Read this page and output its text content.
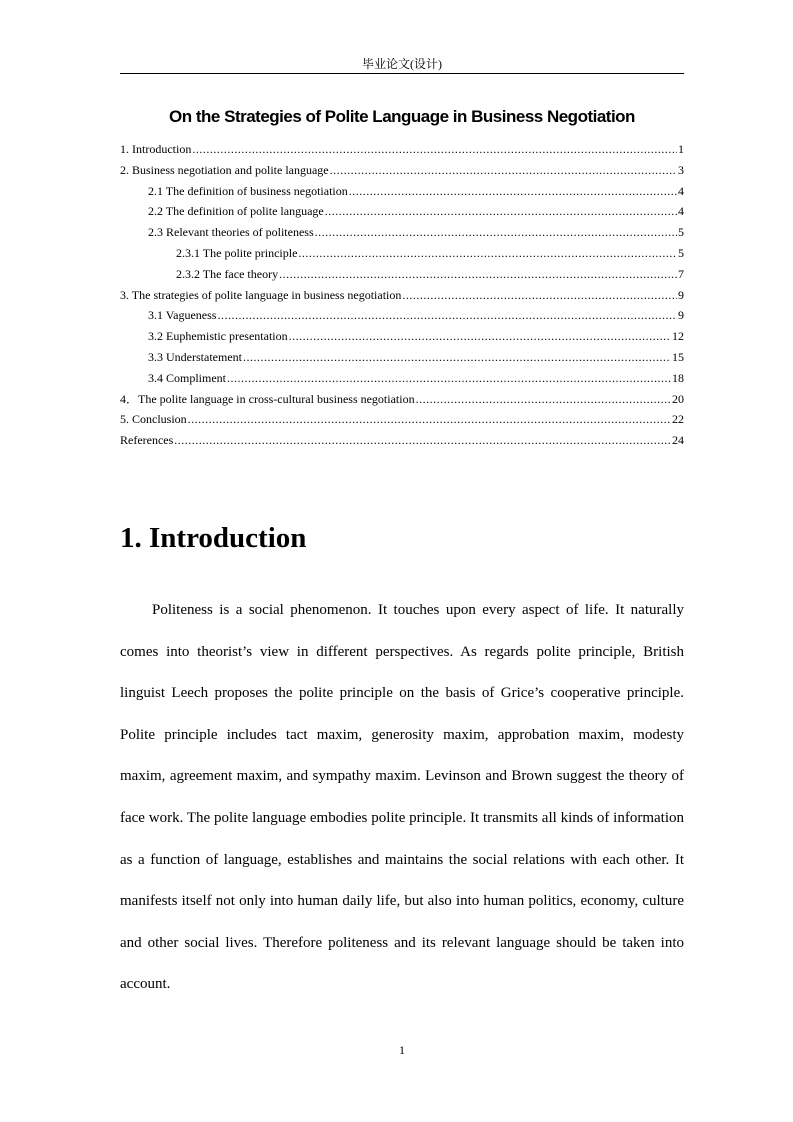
毕业论文(设计)
On the Strategies of Polite Language in Business Negotiation
1. Introduction .....	1
2. Business negotiation and polite language .....	3
2.1 The definition of business negotiation .....	4
2.2 The definition of polite language .....	4
2.3 Relevant theories of politeness .....	5
2.3.1 The polite principle .....	5
2.3.2 The face theory .....	7
3. The strategies of polite language in business negotiation .....	9
3.1 Vagueness .....	9
3.2 Euphemistic presentation .....	12
3.3 Understatement .....	15
3.4 Compliment .....	18
4．The polite language in cross-cultural business negotiation .....	20
5. Conclusion .....	22
References .....	24
1. Introduction

Politeness is a social phenomenon. It touches upon every aspect of life. It naturally comes into theorist’s view in different perspectives. As regards polite principle, British linguist Leech proposes the polite principle on the basis of Grice’s cooperative principle. Polite principle includes tact maxim, generosity maxim, approbation maxim, modesty maxim, agreement maxim, and sympathy maxim. Levinson and Brown suggest the theory of face work. The polite language embodies polite principle. It transmits all kinds of information as a function of language, establishes and maintains the social relations with each other. It manifests itself not only into human daily life, but also into human politics, economy, culture and other social lives. Therefore politeness and its relevant language should be taken into account.

1
